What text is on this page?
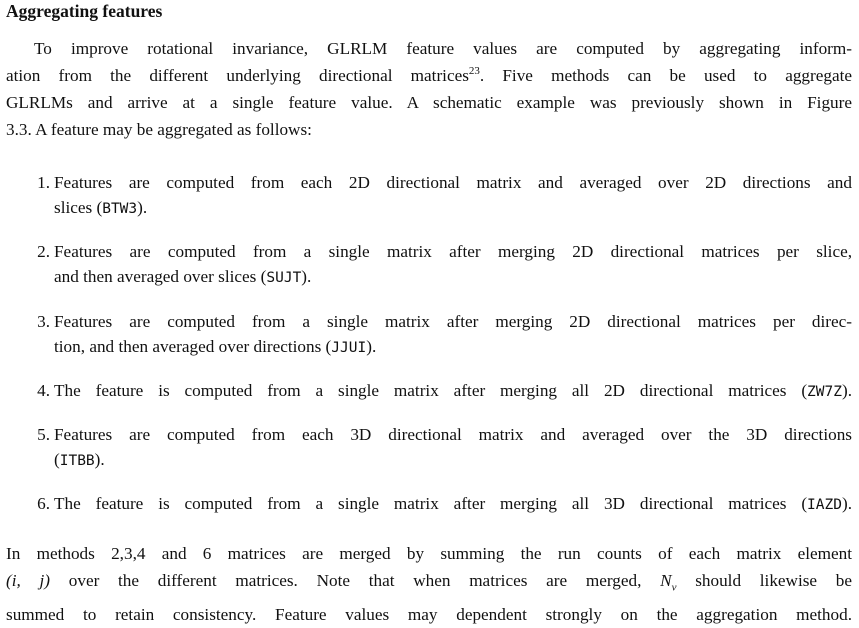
Aggregating features
To improve rotational invariance, GLRLM feature values are computed by aggregating inform-
ation from the different underlying directional matrices$^{23}$. Five methods can be used to aggregate
GLRLMs and arrive at a single feature value. A schematic example was previously shown in Figure
3.3. A feature may be aggregated as follows:
1. Features are computed from each 2D directional matrix and averaged over 2D directions and
slices (BTW3).
2. Features are computed from a single matrix after merging 2D directional matrices per slice,
and then averaged over slices (SUJT).
3. Features are computed from a single matrix after merging 2D directional matrices per direc-
tion, and then averaged over directions (JJUI).
4. The feature is computed from a single matrix after merging all 2D directional matrices (ZW7Z).
5. Features are computed from each 3D directional matrix and averaged over the 3D directions
(ITBB).
6. The feature is computed from a single matrix after merging all 3D directional matrices (IAZD).
In methods 2,3,4 and 6 matrices are merged by summing the run counts of each matrix element
(i, j) over the different matrices. Note that when matrices are merged, $N_v$ should likewise be
summed to retain consistency. Feature values may dependent strongly on the aggregation method.
